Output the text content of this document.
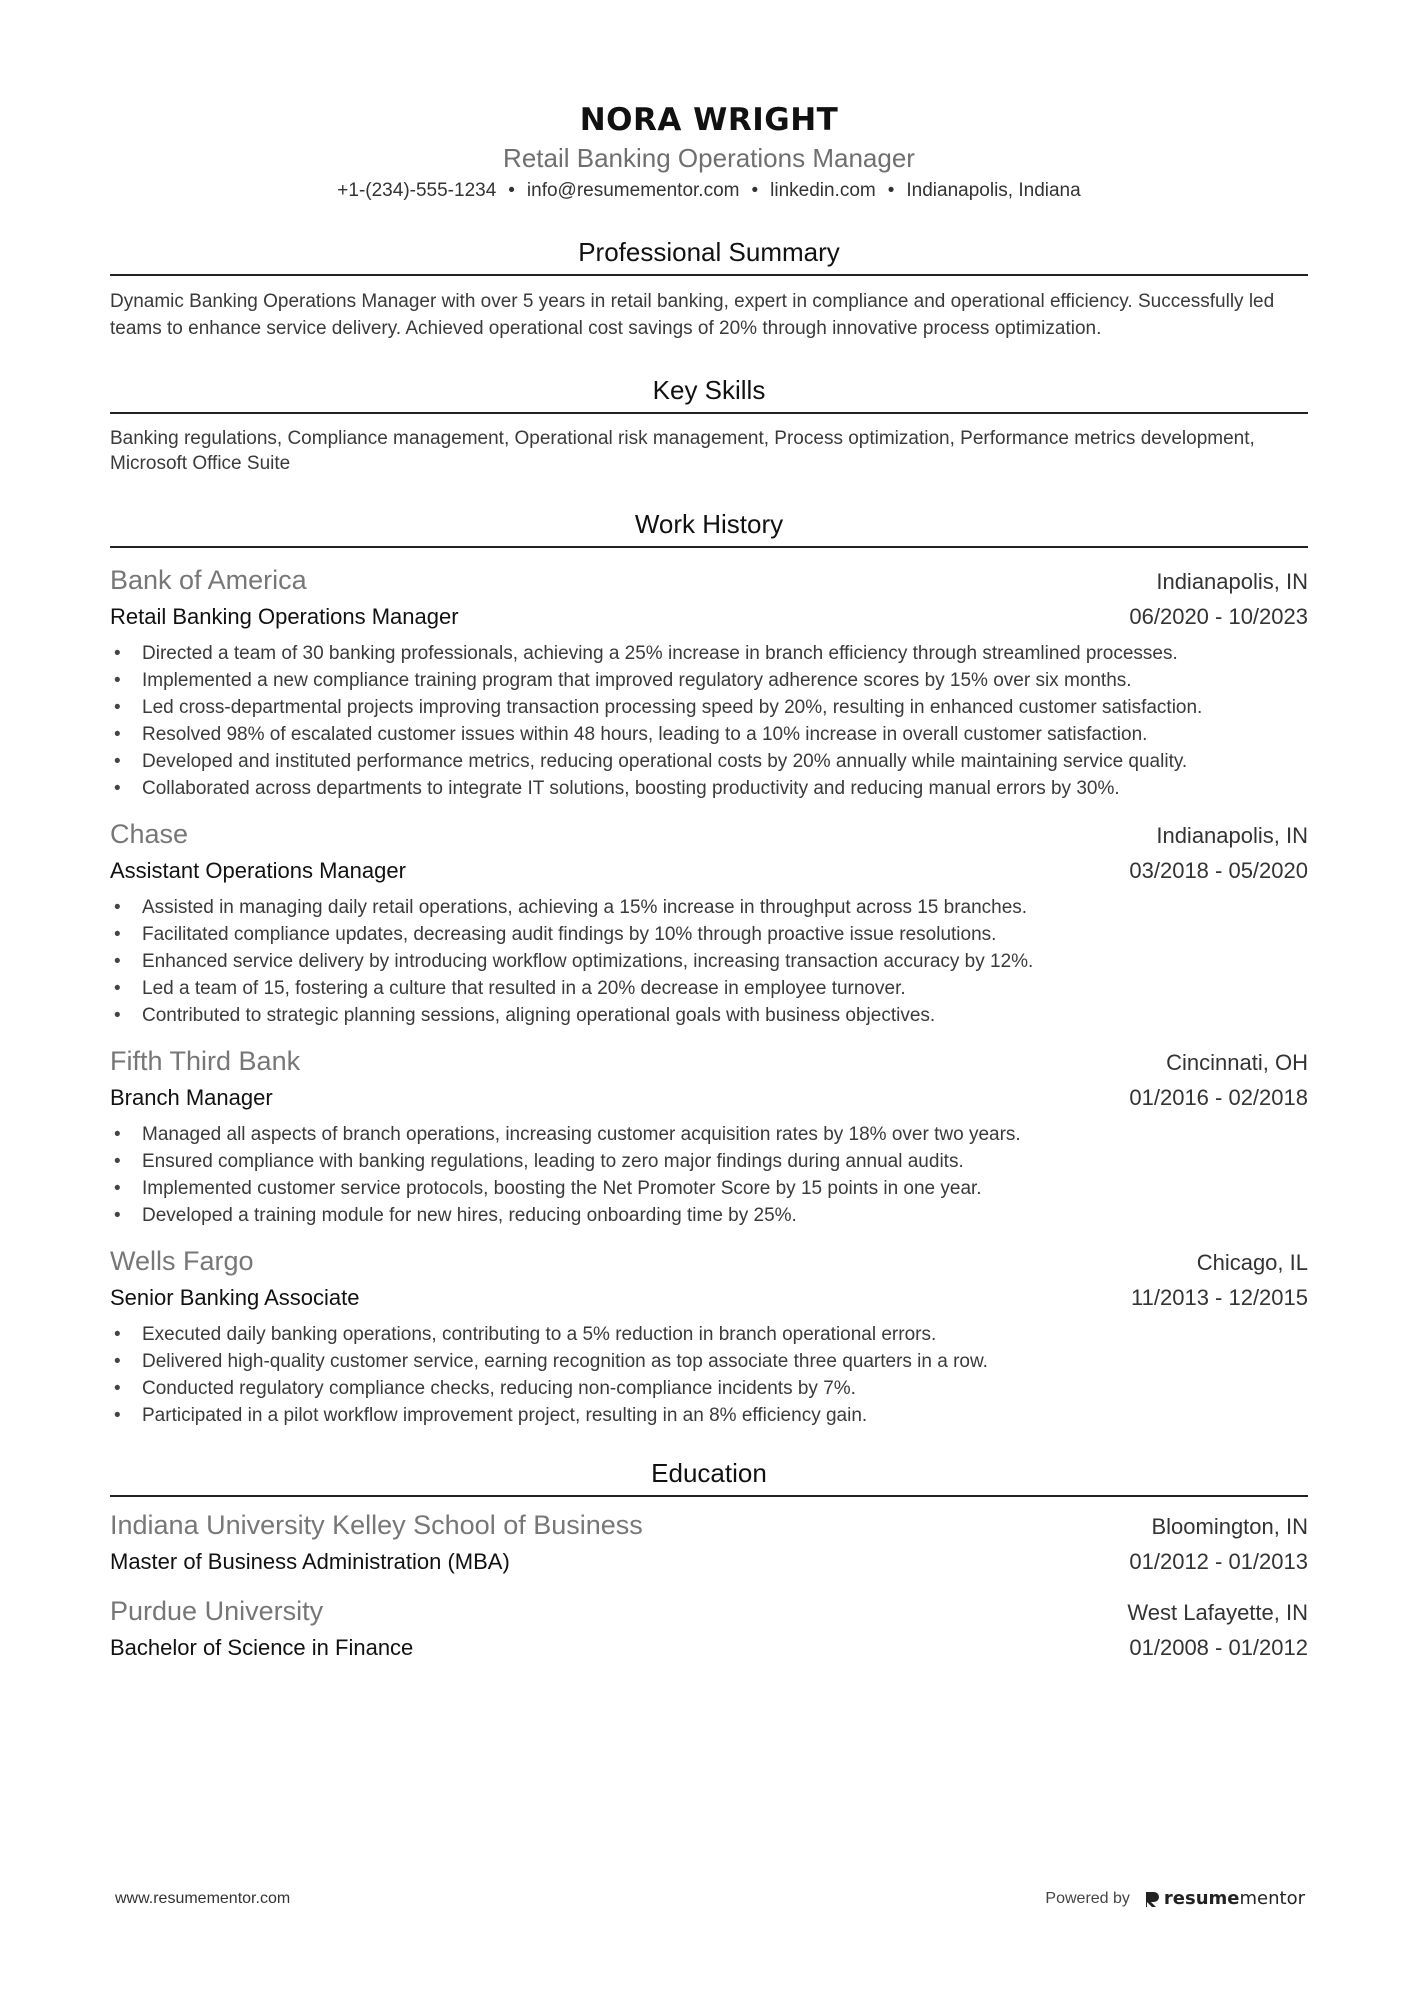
NORA WRIGHT
Retail Banking Operations Manager
+1-(234)-555-1234 • info@resumementor.com • linkedin.com • Indianapolis, Indiana
Professional Summary

Dynamic Banking Operations Manager with over 5 years in retail banking, expert in compliance and operational efficiency. Successfully led teams to enhance service delivery. Achieved operational cost savings of 20% through innovative process optimization.

Key Skills

Banking regulations, Compliance management, Operational risk management, Process optimization, Performance metrics development, Microsoft Office Suite

Work History
Bank of America	Indianapolis, IN
Retail Banking Operations Manager	06/2020 - 10/2023
• Directed a team of 30 banking professionals, achieving a 25% increase in branch efficiency through streamlined processes.
• Implemented a new compliance training program that improved regulatory adherence scores by 15% over six months.
• Led cross-departmental projects improving transaction processing speed by 20%, resulting in enhanced customer satisfaction.
• Resolved 98% of escalated customer issues within 48 hours, leading to a 10% increase in overall customer satisfaction.
• Developed and instituted performance metrics, reducing operational costs by 20% annually while maintaining service quality.
• Collaborated across departments to integrate IT solutions, boosting productivity and reducing manual errors by 30%.
Chase	Indianapolis, IN
Assistant Operations Manager	03/2018 - 05/2020
• Assisted in managing daily retail operations, achieving a 15% increase in throughput across 15 branches.
• Facilitated compliance updates, decreasing audit findings by 10% through proactive issue resolutions.
• Enhanced service delivery by introducing workflow optimizations, increasing transaction accuracy by 12%.
• Led a team of 15, fostering a culture that resulted in a 20% decrease in employee turnover.
• Contributed to strategic planning sessions, aligning operational goals with business objectives.
Fifth Third Bank	Cincinnati, OH
Branch Manager	01/2016 - 02/2018
• Managed all aspects of branch operations, increasing customer acquisition rates by 18% over two years.
• Ensured compliance with banking regulations, leading to zero major findings during annual audits.
• Implemented customer service protocols, boosting the Net Promoter Score by 15 points in one year.
• Developed a training module for new hires, reducing onboarding time by 25%.
Wells Fargo	Chicago, IL
Senior Banking Associate	11/2013 - 12/2015
• Executed daily banking operations, contributing to a 5% reduction in branch operational errors.
• Delivered high-quality customer service, earning recognition as top associate three quarters in a row.
• Conducted regulatory compliance checks, reducing non-compliance incidents by 7%.
• Participated in a pilot workflow improvement project, resulting in an 8% efficiency gain.
Education
Indiana University Kelley School of Business	Bloomington, IN
Master of Business Administration (MBA)	01/2012 - 01/2013
Purdue University	West Lafayette, IN
Bachelor of Science in Finance	01/2008 - 01/2012
www.resumementor.com	Powered by resumementor
